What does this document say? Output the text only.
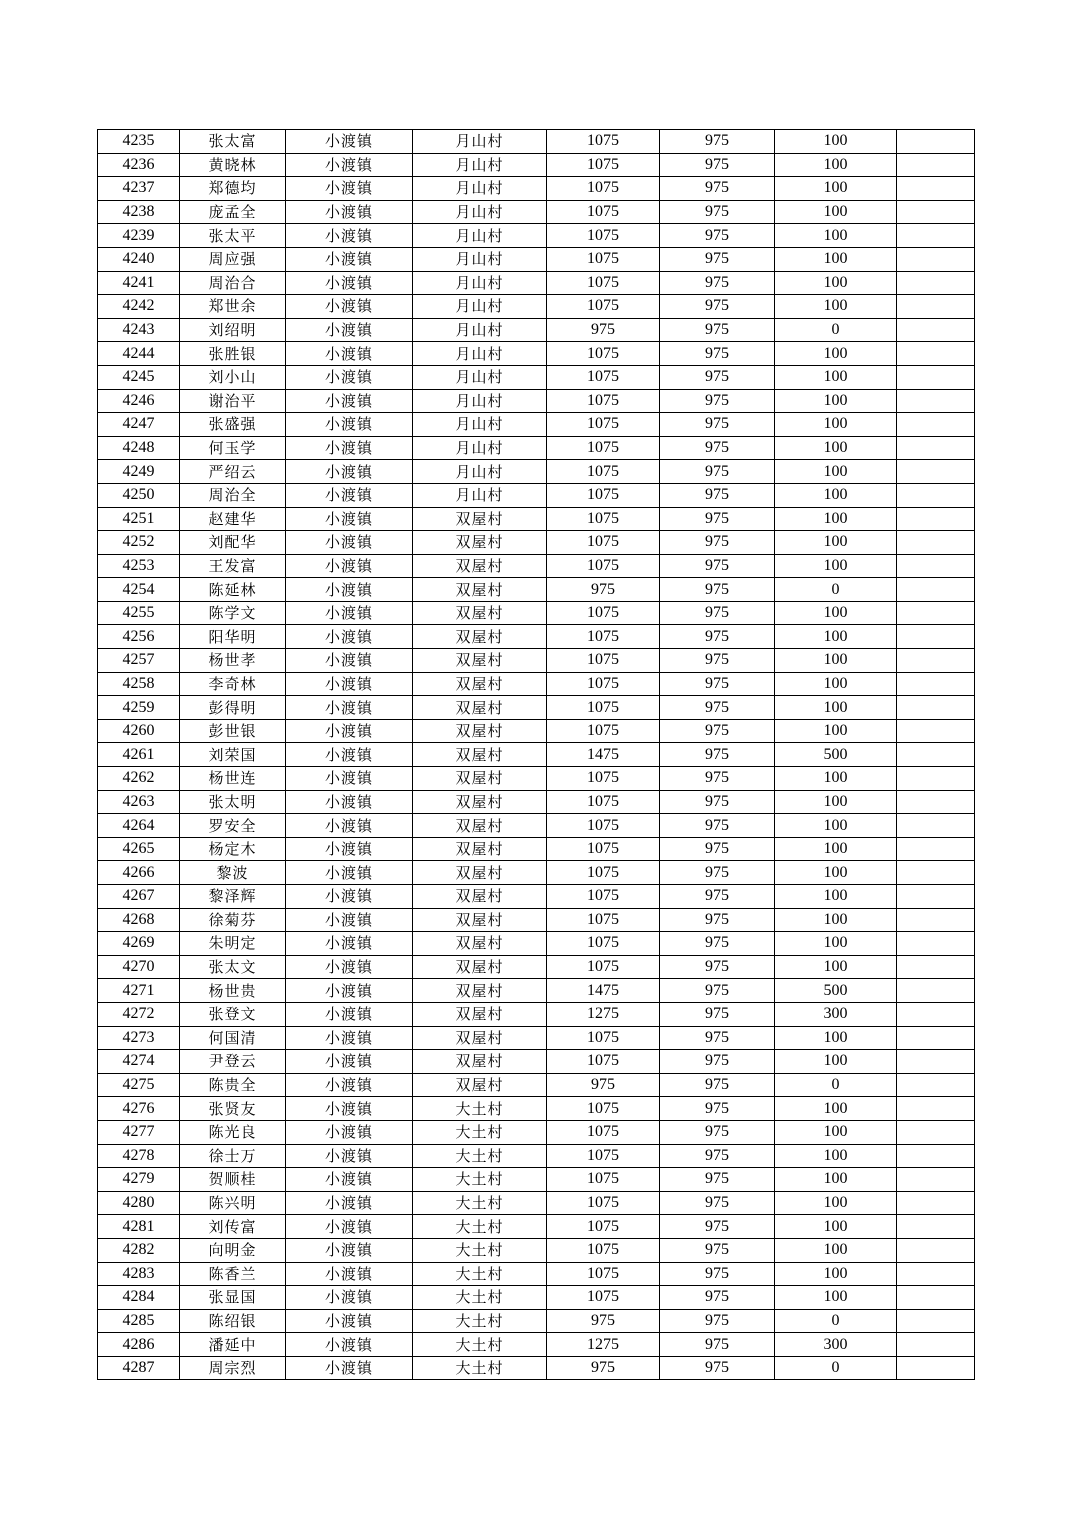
4235	张太富	小渡镇	月山村	1075	975	100	
4236	黄晓林	小渡镇	月山村	1075	975	100	
4237	郑德均	小渡镇	月山村	1075	975	100	
4238	庞孟全	小渡镇	月山村	1075	975	100	
4239	张太平	小渡镇	月山村	1075	975	100	
4240	周应强	小渡镇	月山村	1075	975	100	
4241	周治合	小渡镇	月山村	1075	975	100	
4242	郑世余	小渡镇	月山村	1075	975	100	
4243	刘绍明	小渡镇	月山村	975	975	0	
4244	张胜银	小渡镇	月山村	1075	975	100	
4245	刘小山	小渡镇	月山村	1075	975	100	
4246	谢治平	小渡镇	月山村	1075	975	100	
4247	张盛强	小渡镇	月山村	1075	975	100	
4248	何玉学	小渡镇	月山村	1075	975	100	
4249	严绍云	小渡镇	月山村	1075	975	100	
4250	周治全	小渡镇	月山村	1075	975	100	
4251	赵建华	小渡镇	双屋村	1075	975	100	
4252	刘配华	小渡镇	双屋村	1075	975	100	
4253	王发富	小渡镇	双屋村	1075	975	100	
4254	陈延林	小渡镇	双屋村	975	975	0	
4255	陈学文	小渡镇	双屋村	1075	975	100	
4256	阳华明	小渡镇	双屋村	1075	975	100	
4257	杨世孝	小渡镇	双屋村	1075	975	100	
4258	李奇林	小渡镇	双屋村	1075	975	100	
4259	彭得明	小渡镇	双屋村	1075	975	100	
4260	彭世银	小渡镇	双屋村	1075	975	100	
4261	刘荣国	小渡镇	双屋村	1475	975	500	
4262	杨世连	小渡镇	双屋村	1075	975	100	
4263	张太明	小渡镇	双屋村	1075	975	100	
4264	罗安全	小渡镇	双屋村	1075	975	100	
4265	杨定木	小渡镇	双屋村	1075	975	100	
4266	黎波	小渡镇	双屋村	1075	975	100	
4267	黎泽辉	小渡镇	双屋村	1075	975	100	
4268	徐菊芬	小渡镇	双屋村	1075	975	100	
4269	朱明定	小渡镇	双屋村	1075	975	100	
4270	张太文	小渡镇	双屋村	1075	975	100	
4271	杨世贵	小渡镇	双屋村	1475	975	500	
4272	张登文	小渡镇	双屋村	1275	975	300	
4273	何国清	小渡镇	双屋村	1075	975	100	
4274	尹登云	小渡镇	双屋村	1075	975	100	
4275	陈贵全	小渡镇	双屋村	975	975	0	
4276	张贤友	小渡镇	大土村	1075	975	100	
4277	陈光良	小渡镇	大土村	1075	975	100	
4278	徐士万	小渡镇	大土村	1075	975	100	
4279	贺顺桂	小渡镇	大土村	1075	975	100	
4280	陈兴明	小渡镇	大土村	1075	975	100	
4281	刘传富	小渡镇	大土村	1075	975	100	
4282	向明金	小渡镇	大土村	1075	975	100	
4283	陈香兰	小渡镇	大土村	1075	975	100	
4284	张显国	小渡镇	大土村	1075	975	100	
4285	陈绍银	小渡镇	大土村	975	975	0	
4286	潘延中	小渡镇	大土村	1275	975	300	
4287	周宗烈	小渡镇	大土村	975	975	0	
